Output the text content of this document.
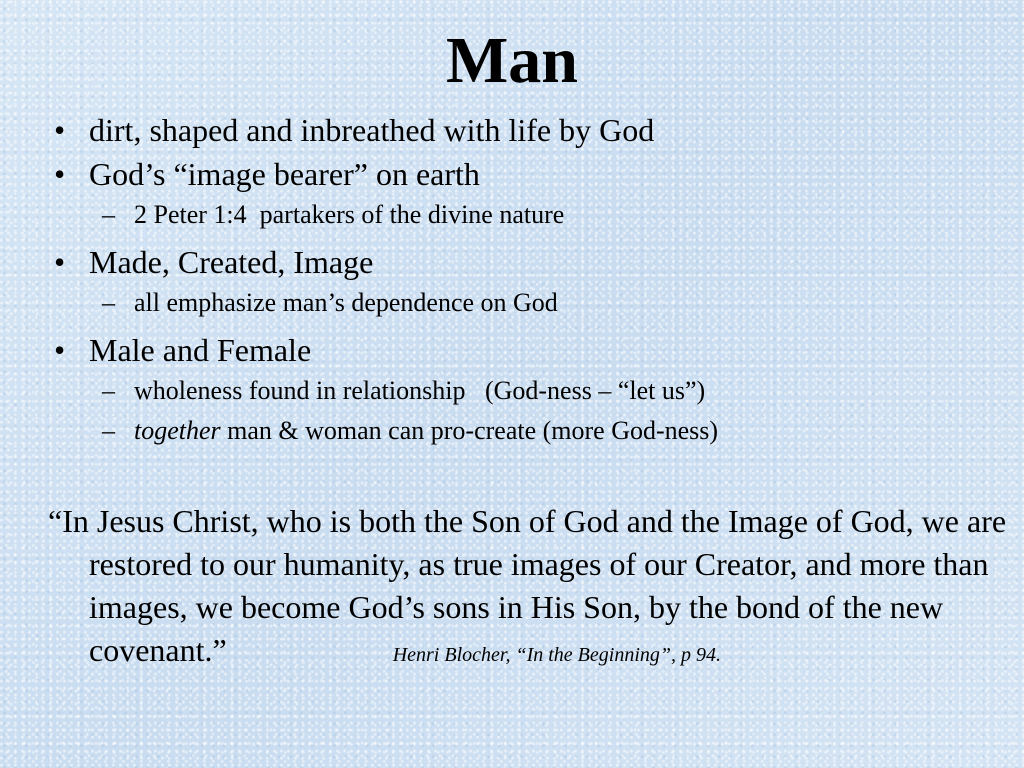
Man

• dirt, shaped and inbreathed with life by God

• God’s “image bearer” on earth

– 2 Peter 1:4  partakers of the divine nature

• Made, Created, Image

– all emphasize man’s dependence on God

• Male and Female

– wholeness found in relationship   (God-ness – “let us”)

– together man & woman can pro-create (more God-ness)

“In Jesus Christ, who is both the Son of God and the Image of God, we are restored to our humanity, as true images of our Creator, and more than images, we become God’s sons in His Son, by the bond of the new covenant.”	Henri Blocher, “In the Beginning”, p 94.
